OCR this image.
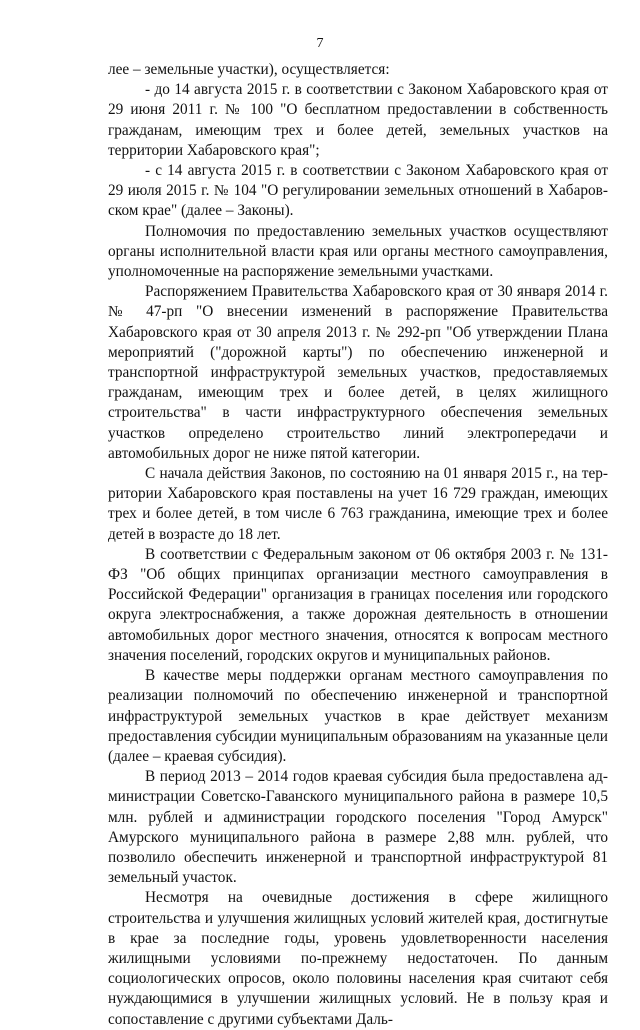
7

лее – земельные участки), осуществляется:

- до 14 августа 2015 г. в соответствии с Законом Хабаровского края от 29 июня 2011 г. № 100 "О бесплатном предоставлении в собственность гражданам, имеющим трех и более детей, земельных участков на территории Хабаровского края";

- с 14 августа 2015 г. в соответствии с Законом Хабаровского края от 29 июля 2015 г. № 104 "О регулировании земельных отношений в Хабаровском крае" (далее – Законы).

Полномочия по предоставлению земельных участков осуществляют органы исполнительной власти края или органы местного самоуправления, уполномоченные на распоряжение земельными участками.

Распоряжением Правительства Хабаровского края от 30 января 2014 г. № 47-рп "О внесении изменений в распоряжение Правительства Хабаровского края от 30 апреля 2013 г. № 292-рп "Об утверждении Плана мероприятий ("дорожной карты") по обеспечению инженерной и транспортной инфраструктурой земельных участков, предоставляемых гражданам, имеющим трех и более детей, в целях жилищного строительства" в части инфраструктурного обеспечения земельных участков определено строительство линий электропередачи и автомобильных дорог не ниже пятой категории.

С начала действия Законов, по состоянию на 01 января 2015 г., на территории Хабаровского края поставлены на учет 16 729 граждан, имеющих трех и более детей, в том числе 6 763 гражданина, имеющие трех и более детей в возрасте до 18 лет.

В соответствии с Федеральным законом от 06 октября 2003 г. № 131-ФЗ "Об общих принципах организации местного самоуправления в Российской Федерации" организация в границах поселения или городского округа электроснабжения, а также дорожная деятельность в отношении автомобильных дорог местного значения, относятся к вопросам местного значения поселений, городских округов и муниципальных районов.

В качестве меры поддержки органам местного самоуправления по реализации полномочий по обеспечению инженерной и транспортной инфраструктурой земельных участков в крае действует механизм предоставления субсидии муниципальным образованиям на указанные цели (далее – краевая субсидия).

В период 2013 – 2014 годов краевая субсидия была предоставлена администрации Советско-Гаванского муниципального района в размере 10,5 млн. рублей и администрации городского поселения "Город Амурск" Амурского муниципального района в размере 2,88 млн. рублей, что позволило обеспечить инженерной и транспортной инфраструктурой 81 земельный участок.

Несмотря на очевидные достижения в сфере жилищного строительства и улучшения жилищных условий жителей края, достигнутые в крае за последние годы, уровень удовлетворенности населения жилищными условиями по-прежнему недостаточен. По данным социологических опросов, около половины населения края считают себя нуждающимися в улучшении жилищных условий. Не в пользу края и сопоставление с другими субъектами Даль-
